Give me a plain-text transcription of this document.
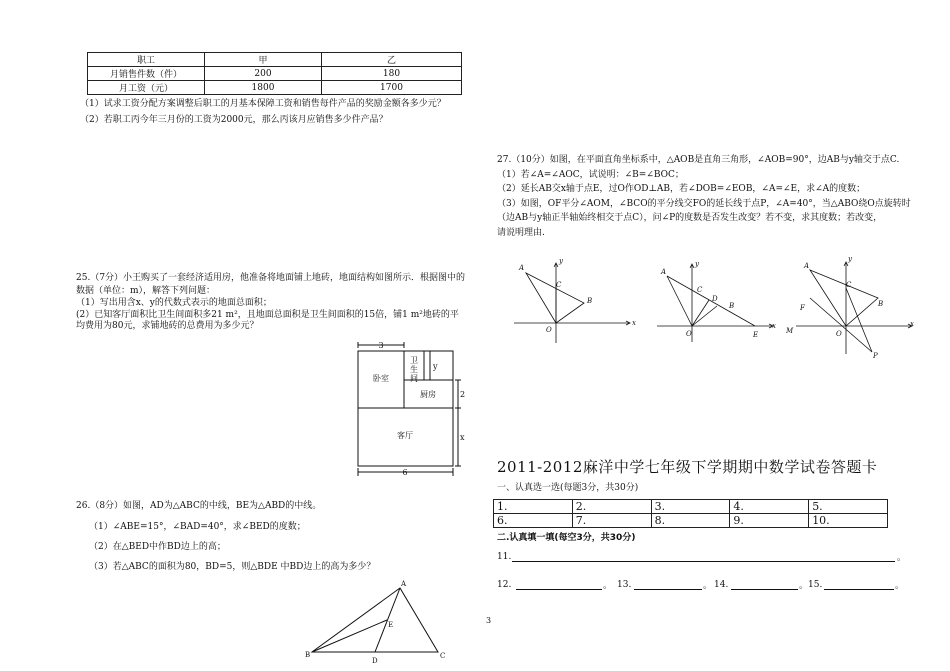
职工	甲	乙
月销售件数（件）	200	180
月工资（元）	1800	1700
（1）试求工资分配方案调整后职工的月基本保障工资和销售每件产品的奖励金额各多少元？
（2）若职工丙今年三月份的工资为2000元，那么丙该月应销售多少件产品？
25.（7分）小王购买了一套经济适用房，他准备将地面铺上地砖，地面结构如图所示．根据图中的
数据（单位：m），解答下列问题：
（1）写出用含x、y的代数式表示的地面总面积；
(2）已知客厅面积比卫生间面积多21 m²，且地面总面积是卫生间面积的15倍，铺1 m²地砖的平
均费用为80元，求铺地砖的总费用为多少元？
3
6
y
2
x
卧室
卫
生
间
厨房
客厅
26.（8分）如图，AD为△ABC的中线，BE为△ABD的中线。
（1）∠ABE=15°，∠BAD=40°，求∠BED的度数；
（2）在△BED中作BD边上的高；
（3）若△ABC的面积为80，BD=5，则△BDE 中BD边上的高为多少？
A
B	C
D
E
27.（10分）如图，在平面直角坐标系中，△AOB是直角三角形，∠AOB=90°，边AB与y轴交于点C.
（1）若∠A=∠AOC，试说明：∠B=∠BOC；
（2）延长AB交x轴于点E，过O作OD⊥AB，若∠DOB=∠EOB，∠A=∠E，求∠A的度数；
（3）如图，OF平分∠AOM，∠BCO的平分线交FO的延长线于点P，∠A=40°，当△ABO绕O点旋转时
（边AB与y轴正半轴始终相交于点C），问∠P的度数是否发生改变？若不变，求其度数；若改变，
请说明理由.
A
B
C
O
x
y
A
B
C
D
E
O
x
y	A
B
C
F
M	O
P
x
y
2011-2012麻洋中学七年级下学期期中数学试卷答题卡
一、认真选一选(每题3分，共30分)
1.	2.	3.	4.	5.
6.	7.	8.	9.	10.
二.认真填一填(每空3分，共30分)
11.	。
12.	。 13.	。 14.	。 15.	。
3
